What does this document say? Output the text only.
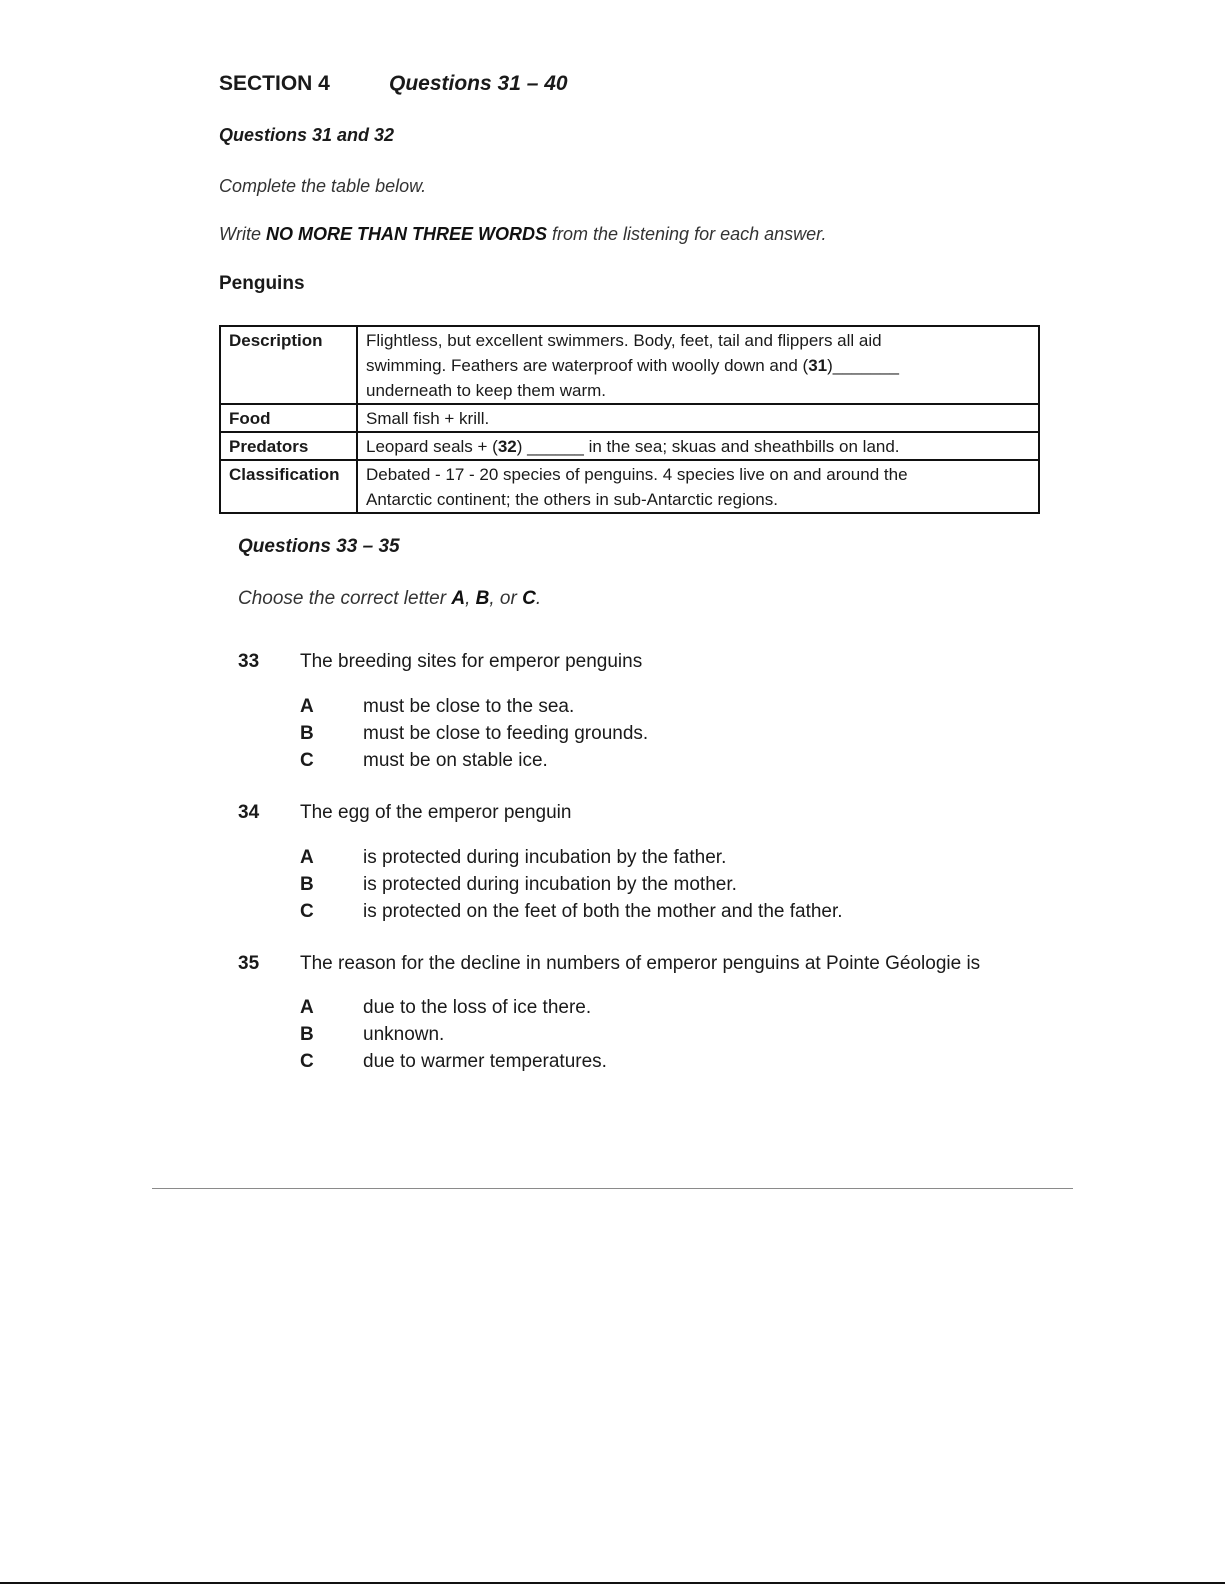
SECTION 4	Questions 31 – 40
Questions 31 and 32
Complete the table below.
Write NO MORE THAN THREE WORDS from the listening for each answer.
Penguins
Description	Flightless, but excellent swimmers. Body, feet, tail and flippers all aid
swimming. Feathers are waterproof with woolly down and (31)_______
underneath to keep them warm.

Food	Small fish + krill.
Predators	Leopard seals + (32) ______ in the sea; skuas and sheathbills on land.
Classification	Debated - 17 - 20 species of penguins. 4 species live on and around the
Antarctic continent; the others in sub-Antarctic regions.
Questions 33 – 35
Choose the correct letter A, B, or C.
33 The breeding sites for emperor penguins
A	must be close to the sea.
B	must be close to feeding grounds.
C	must be on stable ice.
34 The egg of the emperor penguin
A	is protected during incubation by the father.
B	is protected during incubation by the mother.
C	is protected on the feet of both the mother and the father.
35 The reason for the decline in numbers of emperor penguins at Pointe Géologie is
A	due to the loss of ice there.
B	unknown.
C	due to warmer temperatures.
